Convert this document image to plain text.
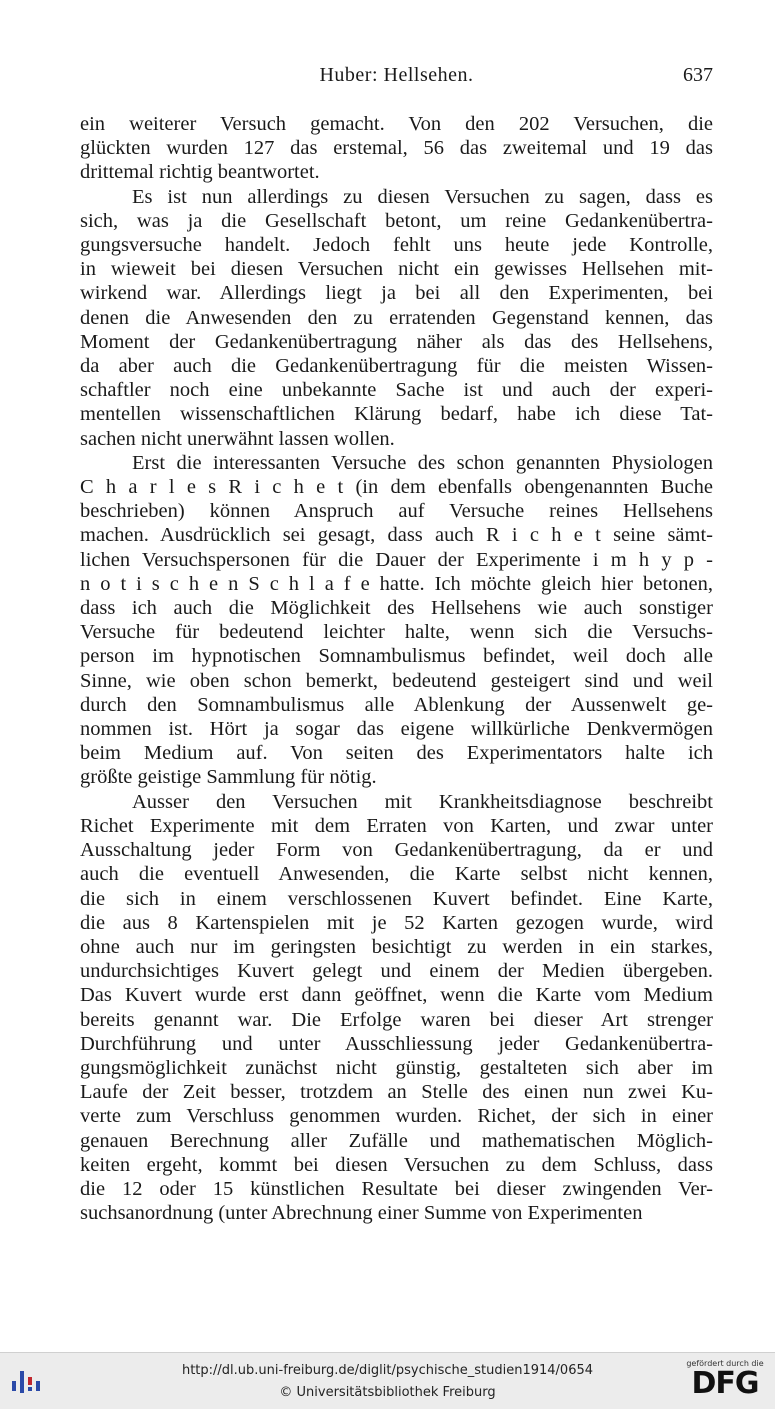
Huber: Hellsehen.	637

ein weiterer Versuch gemacht. Von den 202 Versuchen, die

glückten wurden 127 das erstemal, 56 das zweitemal und 19 das

drittemal richtig beantwortet.

Es ist nun allerdings zu diesen Versuchen zu sagen, dass es

sich, was ja die Gesellschaft betont, um reine Gedankenübertra-

gungsversuche handelt. Jedoch fehlt uns heute jede Kontrolle,

in wieweit bei diesen Versuchen nicht ein gewisses Hellsehen mit-

wirkend war. Allerdings liegt ja bei all den Experimenten, bei

denen die Anwesenden den zu erratenden Gegenstand kennen, das

Moment der Gedankenübertragung näher als das des Hellsehens,

da aber auch die Gedankenübertragung für die meisten Wissen-

schaftler noch eine unbekannte Sache ist und auch der experi-

mentellen wissenschaftlichen Klärung bedarf, habe ich diese Tat-

sachen nicht unerwähnt lassen wollen.

Erst die interessanten Versuche des schon genannten Physiologen

C h a r l e s R i c h e t (in dem ebenfalls obengenannten Buche

beschrieben) können Anspruch auf Versuche reines Hellsehens

machen. Ausdrücklich sei gesagt, dass auch R i c h e t seine sämt-

lichen Versuchspersonen für die Dauer der Experimente i m h y p -

n o t i s c h e n S c h l a f e hatte. Ich möchte gleich hier betonen,

dass ich auch die Möglichkeit des Hellsehens wie auch sonstiger

Versuche für bedeutend leichter halte, wenn sich die Versuchs-

person im hypnotischen Somnambulismus befindet, weil doch alle

Sinne, wie oben schon bemerkt, bedeutend gesteigert sind und weil

durch den Somnambulismus alle Ablenkung der Aussenwelt ge-

nommen ist. Hört ja sogar das eigene willkürliche Denkvermögen

beim Medium auf. Von seiten des Experimentators halte ich

größte geistige Sammlung für nötig.

Ausser den Versuchen mit Krankheitsdiagnose beschreibt

Richet Experimente mit dem Erraten von Karten, und zwar unter

Ausschaltung jeder Form von Gedankenübertragung, da er und

auch die eventuell Anwesenden, die Karte selbst nicht kennen,

die sich in einem verschlossenen Kuvert befindet. Eine Karte,

die aus 8 Kartenspielen mit je 52 Karten gezogen wurde, wird

ohne auch nur im geringsten besichtigt zu werden in ein starkes,

undurchsichtiges Kuvert gelegt und einem der Medien übergeben.

Das Kuvert wurde erst dann geöffnet, wenn die Karte vom Medium

bereits genannt war. Die Erfolge waren bei dieser Art strenger

Durchführung und unter Ausschliessung jeder Gedankenübertra-

gungsmöglichkeit zunächst nicht günstig, gestalteten sich aber im

Laufe der Zeit besser, trotzdem an Stelle des einen nun zwei Ku-

verte zum Verschluss genommen wurden. Richet, der sich in einer

genauen Berechnung aller Zufälle und mathematischen Möglich-

keiten ergeht, kommt bei diesen Versuchen zu dem Schluss, dass

die 12 oder 15 künstlichen Resultate bei dieser zwingenden Ver-

suchsanordnung (unter Abrechnung einer Summe von Experimenten

http://dl.ub.uni-freiburg.de/diglit/psychische_studien1914/0654
© Universitätsbibliothek Freiburg
gefördert durch die
DFG
